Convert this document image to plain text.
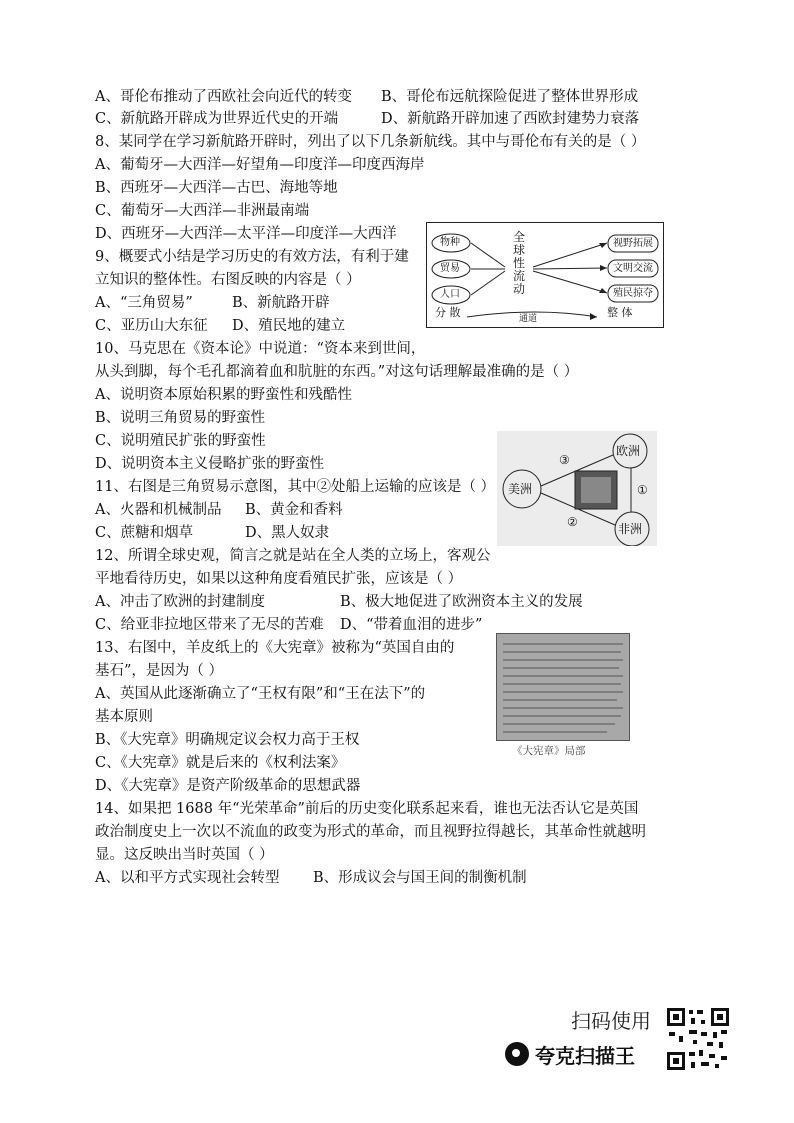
A、哥伦布推动了西欧社会向近代的转变 B、哥伦布远航探险促进了整体世界形成
C、新航路开辟成为世界近代史的开端	D、新航路开辟加速了西欧封建势力衰落
8、某同学在学习新航路开辟时，列出了以下几条新航线。其中与哥伦布有关的是（ ）
A、葡萄牙—大西洋—好望角—印度洋—印度西海岸
B、西班牙—大西洋—古巴、海地等地
C、葡萄牙—大西洋—非洲最南端
D、西班牙—大西洋—太平洋—印度洋—大西洋
9、概要式小结是学习历史的有效方法，有利于建
立知识的整体性。右图反映的内容是（ ）
A、“三角贸易”	B、新航路开辟
C、亚历山大东征 D、殖民地的建立
物种
贸易
人口
全
球
性
流
动
视野拓展
文明交流
殖民掠夺
分 散	通道	整 体
10、马克思在《资本论》中说道：“资本来到世间，
从头到脚，每个毛孔都滴着血和肮脏的东西。”对这句话理解最准确的是（ ）
A、说明资本原始积累的野蛮性和残酷性
B、说明三角贸易的野蛮性
C、说明殖民扩张的野蛮性
D、说明资本主义侵略扩张的野蛮性
11、右图是三角贸易示意图，其中②处船上运输的应该是（ ）
A、火器和机械制品 B、黄金和香料
C、蔗糖和烟草	D、黑人奴隶
欧洲
美洲
非洲
①
②
③
12、所谓全球史观，简言之就是站在全人类的立场上，客观公
平地看待历史，如果以这种角度看殖民扩张，应该是（ ）
A、冲击了欧洲的封建制度	B、极大地促进了欧洲资本主义的发展
C、给亚非拉地区带来了无尽的苦难 D、“带着血泪的进步”
13、右图中，羊皮纸上的《大宪章》被称为“英国自由的
基石”，是因为（ ）
A、英国从此逐渐确立了“王权有限”和“王在法下”的
基本原则
B、《大宪章》明确规定议会权力高于王权
C、《大宪章》就是后来的《权利法案》
D、《大宪章》是资产阶级革命的思想武器
《大宪章》局部
14、如果把 1688 年“光荣革命”前后的历史变化联系起来看，谁也无法否认它是英国
政治制度史上一次以不流血的政变为形式的革命，而且视野拉得越长，其革命性就越明
显。这反映出当时英国（ ）
A、以和平方式实现社会转型 B、形成议会与国王间的制衡机制
扫码使用
夸克扫描王
